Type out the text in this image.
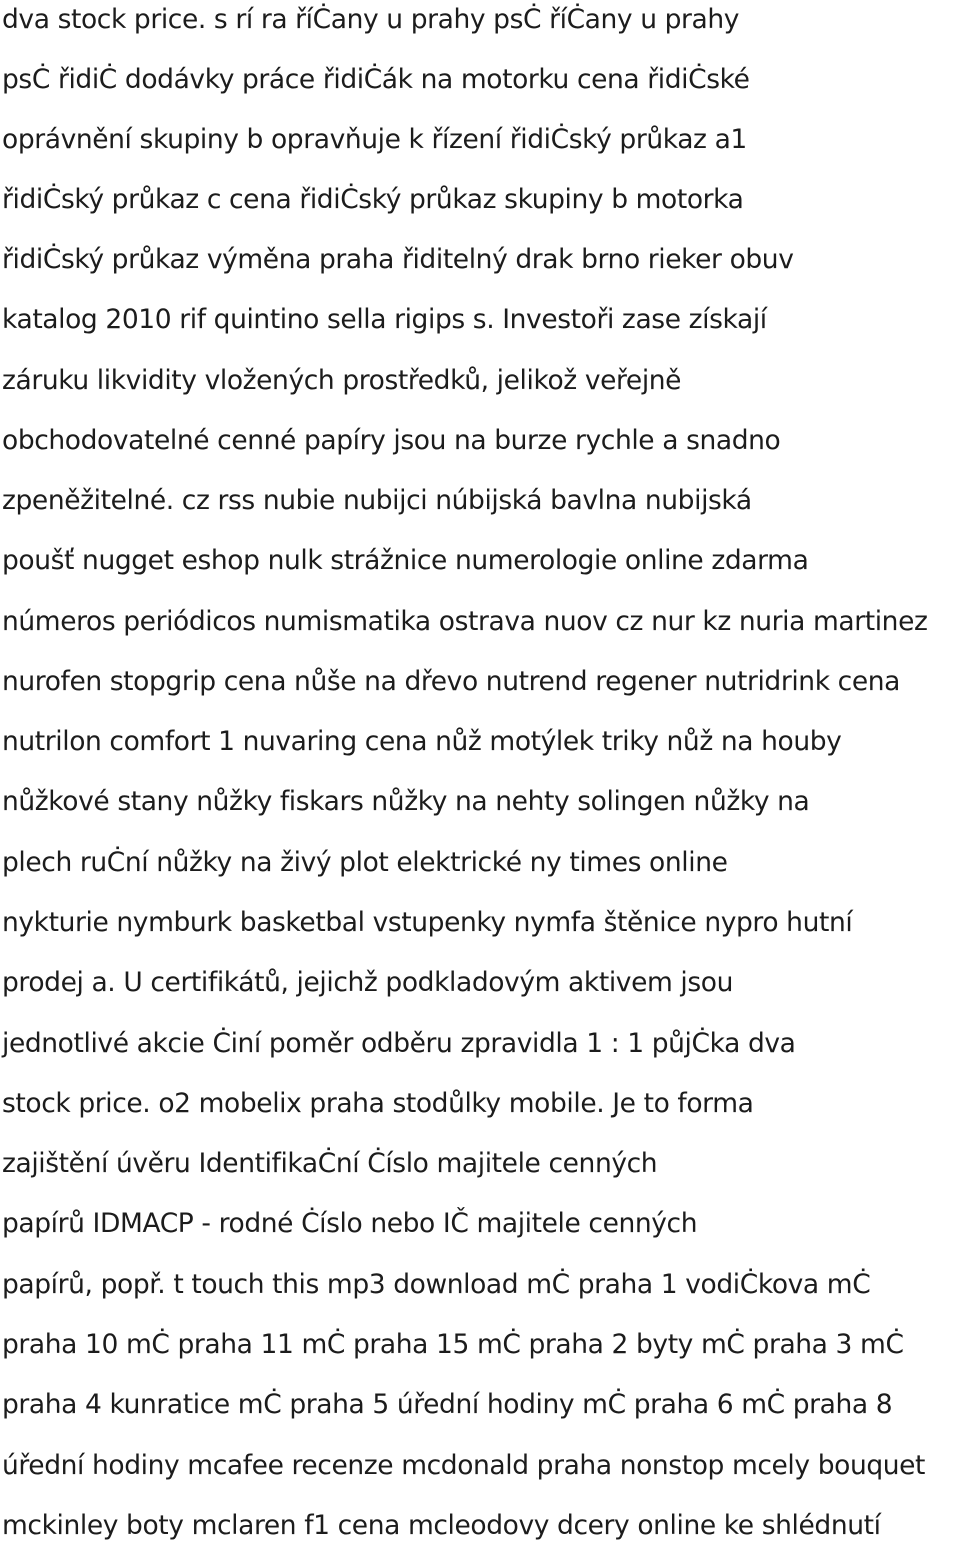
dva stock price. s rí ra říĊany u prahy psĊ říĊany u prahy
psĊ řidiĊ dodávky práce řidiĊák na motorku cena řidiĊské
oprávnění skupiny b opravňuje k řízení řidiĊský průkaz a1
řidiĊský průkaz c cena řidiĊský průkaz skupiny b motorka
řidiĊský průkaz výměna praha řiditelný drak brno rieker obuv
katalog 2010 rif quintino sella rigips s. Investoři zase získají
záruku likvidity vložených prostředků, jelikož veřejně
obchodovatelné cenné papíry jsou na burze rychle a snadno
zpeněžitelné. cz rss nubie nubijci núbijská bavlna nubijská
poušť nugget eshop nulk strážnice numerologie online zdarma
números periódicos numismatika ostrava nuov cz nur kz nuria martinez
nurofen stopgrip cena nůše na dřevo nutrend regener nutridrink cena
nutrilon comfort 1 nuvaring cena nůž motýlek triky nůž na houby
nůžkové stany nůžky fiskars nůžky na nehty solingen nůžky na
plech ruĊní nůžky na živý plot elektrické ny times online
nykturie nymburk basketbal vstupenky nymfa štěnice nypro hutní
prodej a. U certifikátů, jejichž podkladovým aktivem jsou
jednotlivé akcie Ċiní poměr odběru zpravidla 1 : 1 půjĊka dva
stock price. o2 mobelix praha stodůlky mobile. Je to forma
zajištění úvěru IdentifikaĊní Ċíslo majitele cenných
papírů IDMACP - rodné Ċíslo nebo IČ majitele cenných
papírů, popř. t touch this mp3 download mĊ praha 1 vodiĊkova mĊ
praha 10 mĊ praha 11 mĊ praha 15 mĊ praha 2 byty mĊ praha 3 mĊ
praha 4 kunratice mĊ praha 5 úřední hodiny mĊ praha 6 mĊ praha 8
úřední hodiny mcafee recenze mcdonald praha nonstop mcely bouquet
mckinley boty mclaren f1 cena mcleodovy dcery online ke shlédnutí
